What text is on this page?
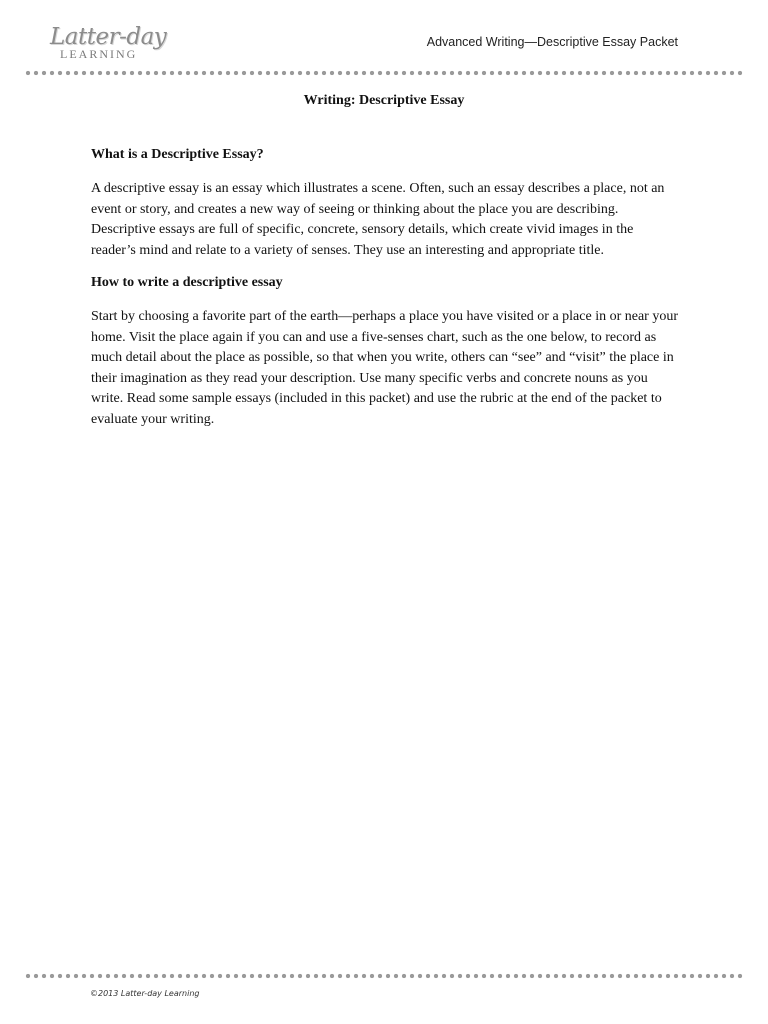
Latter-day
LEARNING
Advanced Writing—Descriptive Essay Packet
Writing: Descriptive Essay
What is a Descriptive Essay?

A descriptive essay is an essay which illustrates a scene. Often, such an essay describes a place, not an event or story, and creates a new way of seeing or thinking about the place you are describing. Descriptive essays are full of specific, concrete, sensory details, which create vivid images in the reader’s mind and relate to a variety of senses. They use an interesting and appropriate title.

How to write a descriptive essay

Start by choosing a favorite part of the earth—perhaps a place you have visited or a place in or near your home. Visit the place again if you can and use a five-senses chart, such as the one below, to record as much detail about the place as possible, so that when you write, others can “see” and “visit” the place in their imagination as they read your description. Use many specific verbs and concrete nouns as you write. Read some sample essays (included in this packet) and use the rubric at the end of the packet to evaluate your writing.

©2013 Latter-day Learning
